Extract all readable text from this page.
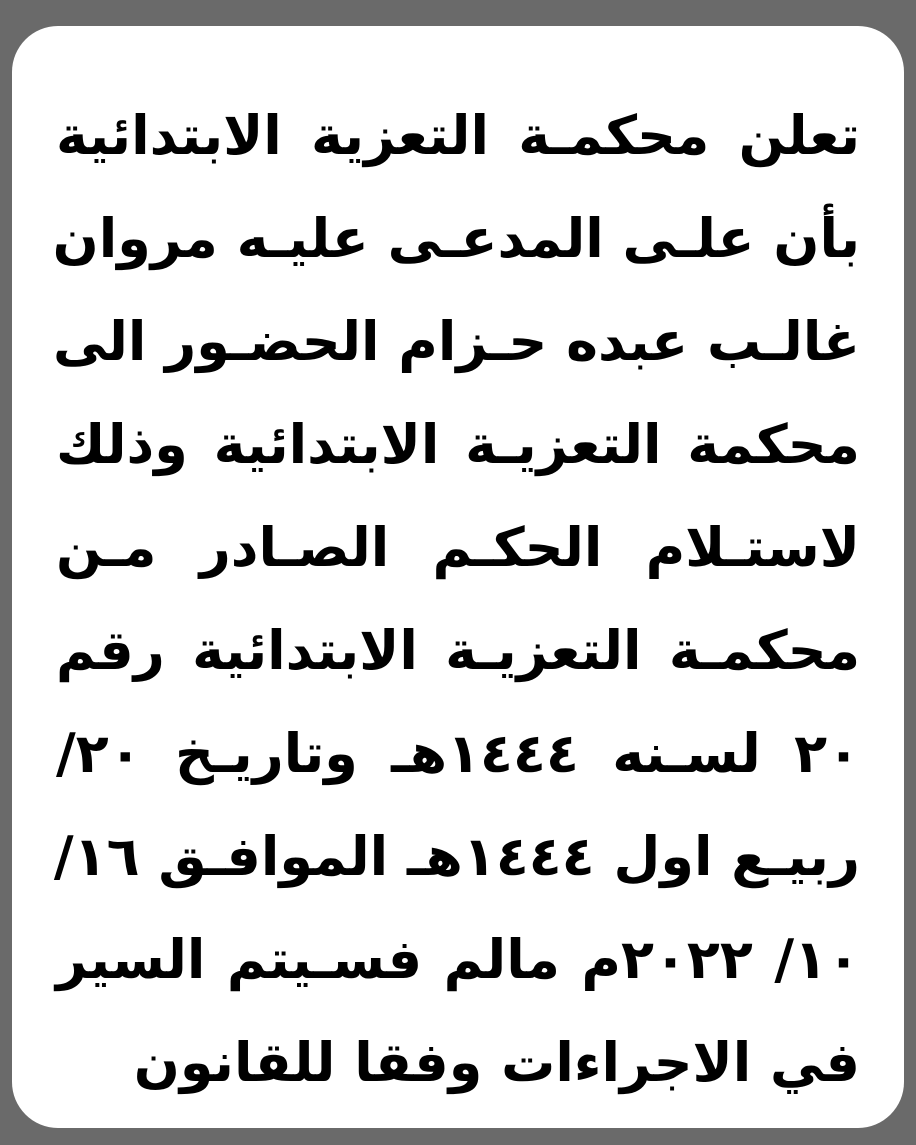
تعلن محكمـة التعزية الابتدائية
بأن علـى المدعـى عليـه مروان
غالـب عبده حـزام الحضـور الى
محكمة التعزيـة الابتدائية وذلك
لاستـلام الحكـم الصـادر مـن
محكمـة التعزيـة الابتدائية رقم
٢٠ لسـنه ١٤٤٤هـ وتاريـخ ٢٠/
ربيـع اول ١٤٤٤هـ الموافـق ١٦/
١٠/ ٢٠٢٢م مالم فسـيتم السير
في الاجراءات وفقا للقانون
